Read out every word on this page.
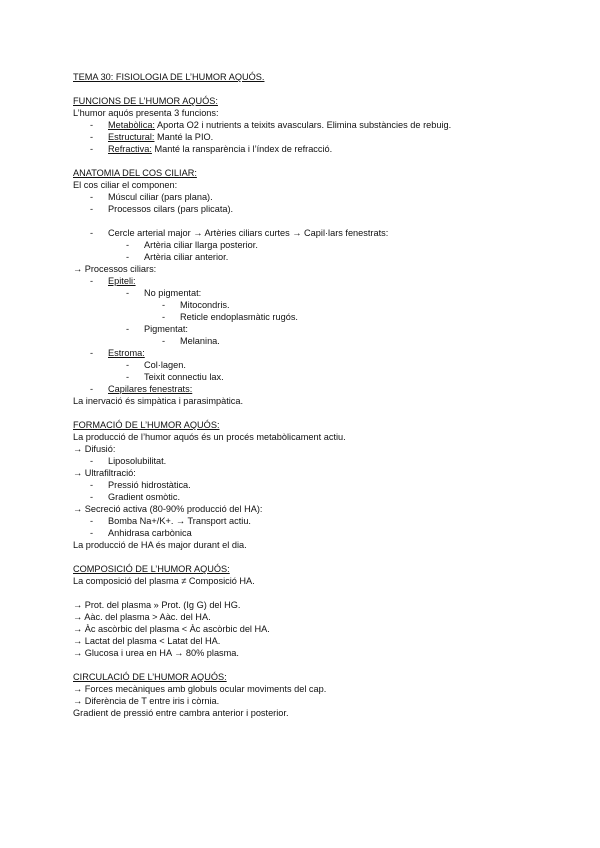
TEMA 30: FISIOLOGIA DE L’HUMOR AQUÓS.
FUNCIONS DE L’HUMOR AQUÓS:
L’humor aquós presenta 3 funcions:
- Metabòlica: Aporta O2 i nutrients a teixits avasculars. Elimina substàncies de rebuig.
- Estructural: Manté la PIO.
- Refractiva: Manté la ransparència i l’índex de refracció.
ANATOMIA DEL COS CILIAR:
El cos ciliar el componen:
- Múscul ciliar (pars plana).
- Processos cilars (pars plicata).
- Cercle arterial major → Artèries ciliars curtes → Capil·lars fenestrats:
- Artèria ciliar llarga posterior.
- Artèria ciliar anterior.
→ Processos ciliars:
- Epiteli:
- No pigmentat:
- Mitocondris.
- Reticle endoplasmàtic rugós.
- Pigmentat:
- Melanina.
- Estroma:
- Col·lagen.
- Teixit connectiu lax.
- Capilares fenestrats:
La inervació és simpàtica i parasimpàtica.
FORMACIÓ DE L’HUMOR AQUÓS:
La producció de l’humor aquós és un procés metabòlicament actiu.
→ Difusió:
- Liposolubilitat.
→ Ultrafiltració:
- Pressió hidrostàtica.
- Gradient osmòtic.
→ Secreció activa (80-90% producció del HA):
- Bomba Na+/K+. → Transport actiu.
- Anhidrasa carbònica
La producció de HA és major durant el dia.
COMPOSICIÓ DE L’HUMOR AQUÓS:
La composició del plasma ≠ Composició HA.
→ Prot. del plasma » Prot. (Ig G) del HG.
→ Aàc. del plasma > Aàc. del HA.
→ Àc ascòrbic del plasma < Àc ascòrbic del HA.
→ Lactat del plasma < Latat del HA.
→ Glucosa i urea en HA → 80% plasma.
CIRCULACIÓ DE L’HUMOR AQUÓS:
→ Forces mecàniques amb globuls ocular moviments del cap.
→ Diferència de T entre iris i còrnia.
Gradient de pressió entre cambra anterior i posterior.
